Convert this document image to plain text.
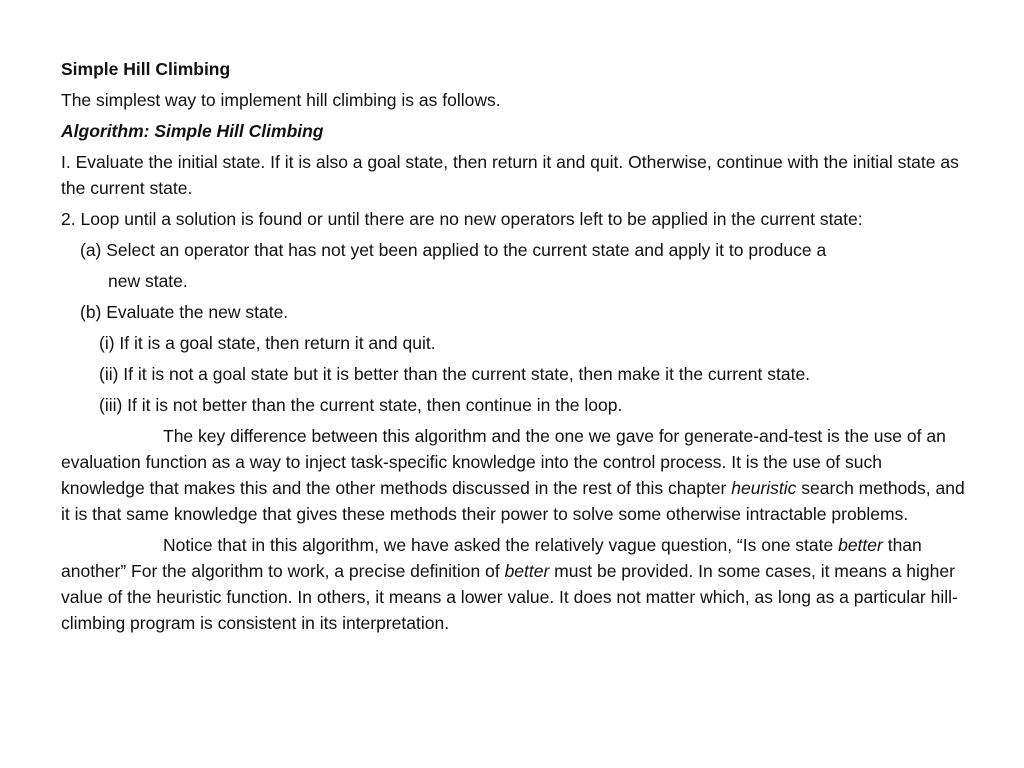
Simple Hill Climbing

The simplest way to implement hill climbing is as follows.

Algorithm: Simple Hill Climbing

I. Evaluate the initial state. If it is also a goal state, then return it and quit. Otherwise, continue with the initial state as the current state.

2. Loop until a solution is found or until there are no new operators left to be applied in the current state:

(a) Select an operator that has not yet been applied to the current state and apply it to produce a

new state.

(b) Evaluate the new state.

(i) If it is a goal state, then return it and quit.

(ii) If it is not a goal state but it is better than the current state, then make it the current state.

(iii) If it is not better than the current state, then continue in the loop.

The key difference between this algorithm and the one we gave for generate-and-test is the use of an evaluation function as a way to inject task-specific knowledge into the control process. It is the use of such knowledge that makes this and the other methods discussed in the rest of this chapter heuristic search methods, and it is that same knowledge that gives these methods their power to solve some otherwise intractable problems.

Notice that in this algorithm, we have asked the relatively vague question, “Is one state better than another” For the algorithm to work, a precise definition of better must be provided. In some cases, it means a higher value of the heuristic function. In others, it means a lower value. It does not matter which, as long as a particular hill-climbing program is consistent in its interpretation.
